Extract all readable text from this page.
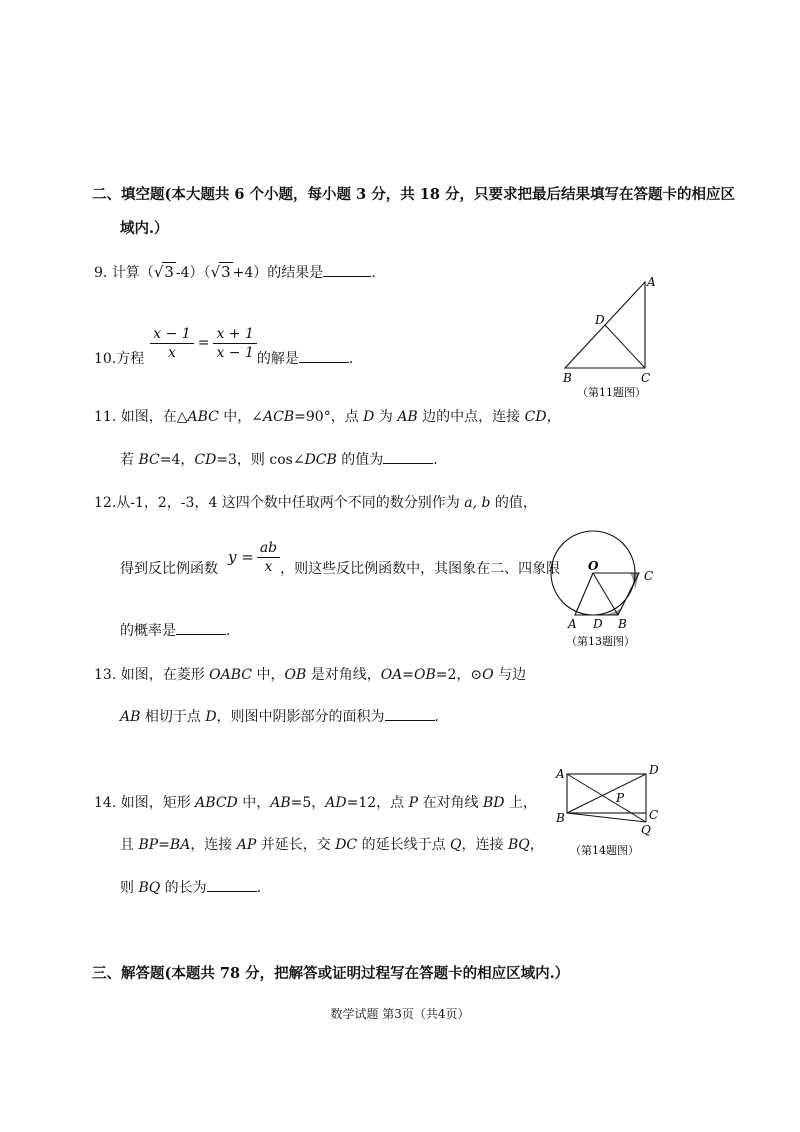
二、填空题(本大题共 6 个小题，每小题 3 分，共 18 分，只要求把最后结果填写在答题卡的相应区
域内.）
9. 计算（ √ 3 -4）（ √ 3 +4）的结果是	.
10.方程 $\frac{x - 1}{x} = \frac{x + 1}{x - 1}$ 的解是	.
11. 如图，在△ABC 中，∠ACB=90°，点 D 为 AB 边的中点，连接 CD，
若 BC=4，CD=3，则 cos∠DCB 的值为	.
12.从-1，2，-3，4 这四个数中任取两个不同的数分别作为 a, b 的值，
得到反比例函数
$y = \frac{ab}{x}$ ，则这些反比例函数中，其图象在二、四象限
的概率是	.
13. 如图，在菱形 OABC 中，OB 是对角线，OA=OB=2，⊙O 与边
AB 相切于点 D，则图中阴影部分的面积为	.
14. 如图，矩形 ABCD 中，AB=5，AD=12，点 P 在对角线 BD 上，
且 BP=BA，连接 AP 并延长，交 DC 的延长线于点 Q，连接 BQ，
则 BQ 的长为	.
A
D
B	C
（第11题图）
O
C
A D B
（第13题图）
A	D
P
C
B
Q
（第14题图）
三、解答题(本题共 78 分，把解答或证明过程写在答题卡的相应区域内.）
数学试题 第3页（共4页）
